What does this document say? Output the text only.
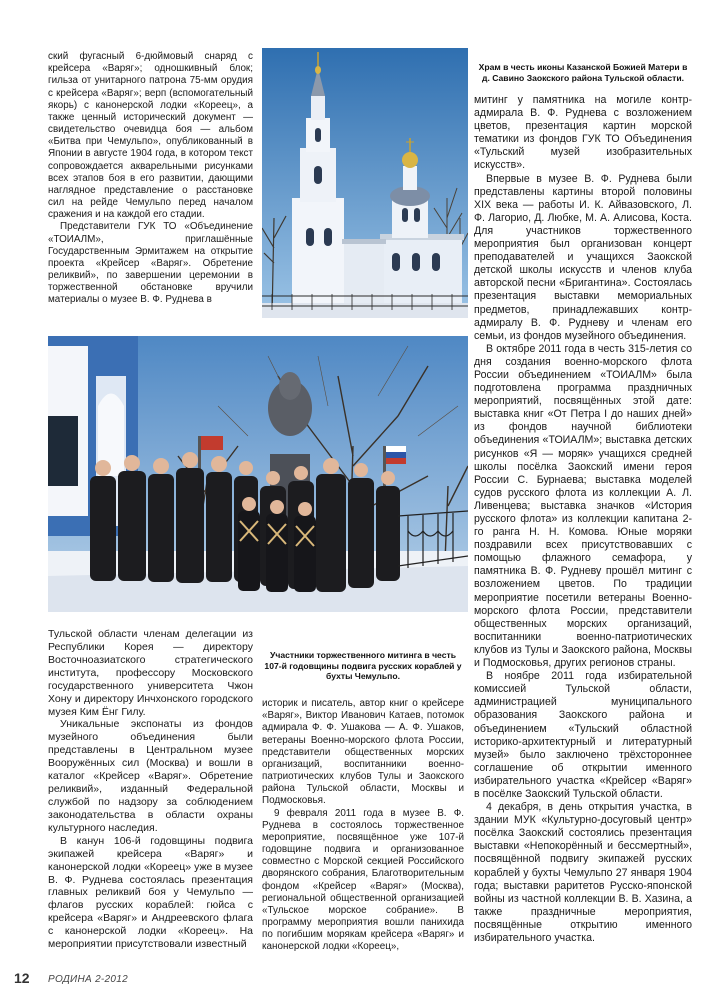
Храм в честь иконы Казанской Божией Матери в д. Савино Заокского района Тульской области.
Участники торжественного митинга в честь 107-й годовщины подвига русских кораблей у бухты Чемульпо.

ский фугасный 6-дюймовый снаряд с крейсера «Варяг»; одношкивный блок; гильза от унитарного патрона 75-мм орудия с крейсера «Варяг»; верп (вспомогательный якорь) с канонерской лодки «Кореец», а также ценный исторический документ — свидетельство очевидца боя — альбом «Битва при Чемульпо», опубликованный в Японии в августе 1904 года, в котором текст сопровождается акварельными рисунками всех этапов боя в его развитии, дающими наглядное представление о расстановке сил на рейде Чемульпо перед началом сражения и на каждой его стадии.

Представители ГУК ТО «Объединение «ТОИАЛМ», приглашённые Государственным Эрмитажем на открытие проекта «Крейсер «Варяг». Обретение реликвий», по завершении церемонии в торжественной обстановке вручили материалы о музее В. Ф. Руднева в

Тульской области членам делегации из Республики Корея — директору Восточноазиатского стратегического института, профессору Московского государственного университета Чжон Хону и директору Инчхонского городского музея Ким Ёнг Гилу.

Уникальные экспонаты из фондов музейного объединения были представлены в Центральном музее Вооружённых сил (Москва) и вошли в каталог «Крейсер «Варяг». Обретение реликвий», изданный Федеральной службой по надзору за соблюдением законодательства в области охраны культурного наследия.

В канун 106-й годовщины подвига экипажей крейсера «Варяг» и канонерской лодки «Кореец» уже в музее В. Ф. Руднева состоялась презентация главных реликвий боя у Чемульпо — флагов русских кораблей: гюйса с крейсера «Варяг» и Андреевского флага с канонерской лодки «Кореец». На мероприятии присутствовали известный

историк и писатель, автор книг о крейсере «Варяг», Виктор Иванович Катаев, потомок адмирала Ф. Ф. Ушакова — А. Ф. Ушаков, ветераны Военно-морского флота России, представители общественных морских организаций, воспитанники военно-патриотических клубов Тулы и Заокского района Тульской области, Москвы и Подмосковья.

9 февраля 2011 года в музее В. Ф. Руднева в состоялось торжественное мероприятие, посвящённое уже 107-й годовщине подвига и организованное совместно с Морской секцией Российского дворянского собрания, Благотворительным фондом «Крейсер «Варяг» (Москва), региональной общественной организацией «Тульское морское собрание». В программу мероприятия вошли панихида по погибшим морякам крейсера «Варяг» и канонерской лодки «Кореец»,

митинг у памятника на могиле контр-адмирала В. Ф. Руднева с возложением цветов, презентация картин морской тематики из фондов ГУК ТО Объединения «Тульский музей изобразительных искусств».

Впервые в музее В. Ф. Руднева были представлены картины второй половины XIX века — работы И. К. Айвазовского, Л. Ф. Лагорио, Д. Любке, М. А. Алисова, Коста. Для участников торжественного мероприятия был организован концерт преподавателей и учащихся Заокской детской школы искусств и членов клуба авторской песни «Бригантина». Состоялась презентация выставки мемориальных предметов, принадлежавших контр-адмиралу В. Ф. Рудневу и членам его семьи, из фондов музейного объединения.

В октябре 2011 года в честь 315-летия со дня создания военно-морского флота России объединением «ТОИАЛМ» была подготовлена программа праздничных мероприятий, посвящённых этой дате: выставка книг «От Петра I до наших дней» из фондов научной библиотеки объединения «ТОИАЛМ»; выставка детских рисунков «Я — моряк» учащихся средней школы посёлка Заокский имени героя России С. Бурнаева; выставка моделей судов русского флота из коллекции А. Л. Ливенцева; выставка значков «История русского флота» из коллекции капитана 2-го ранга Н. Н. Комова. Юные моряки поздравили всех присутствовавших с помощью флажного семафора, у памятника В. Ф. Рудневу прошёл митинг с возложением цветов. По традиции мероприятие посетили ветераны Военно-морского флота России, представители общественных морских организаций, воспитанники военно-патриотических клубов из Тулы и Заокского района, Москвы и Подмосковья, других регионов страны.

В ноябре 2011 года избирательной комиссией Тульской области, администрацией муниципального образования Заокского района и объединением «Тульский областной историко-архитектурный и литературный музей» было заключено трёхстороннее соглашение об открытии именного избирательного участка «Крейсер «Варяг» в посёлке Заокский Тульской области.

4 декабря, в день открытия участка, в здании МУК «Культурно-досуговый центр» посёлка Заокский состоялись презентация выставки «Непокорённый и бессмертный», посвящённой подвигу экипажей русских кораблей у бухты Чемульпо 27 января 1904 года; выставки раритетов Русско-японской войны из частной коллекции В. В. Хазина, а также праздничные мероприятия, посвящённые открытию именного избирательного участка.

12 РОДИНА 2-2012
